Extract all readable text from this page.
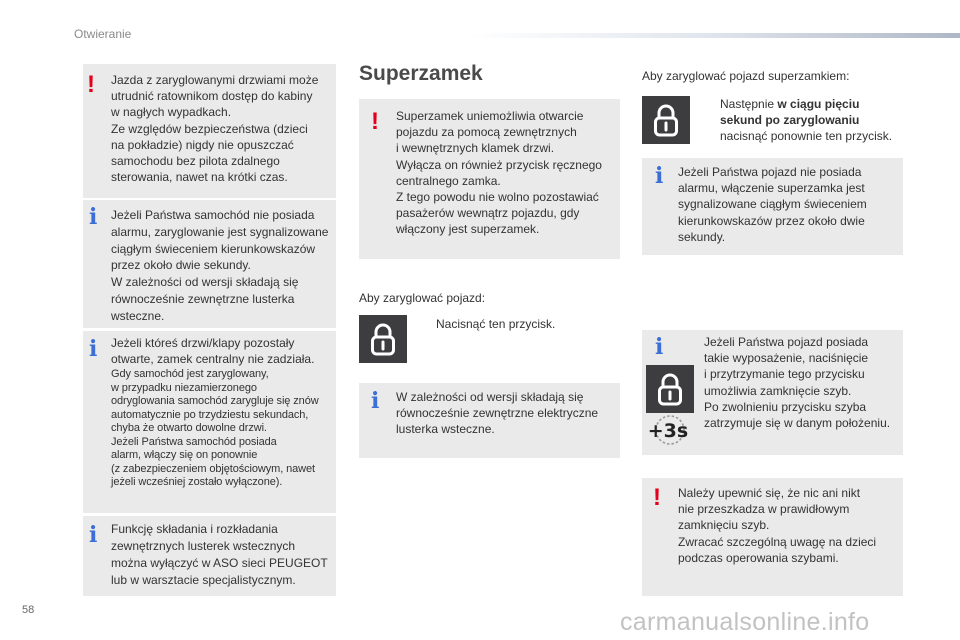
Otwieranie
! Jazda z zaryglowanymi drzwiami może
utrudnić ratownikom dostęp do kabiny
w nagłych wypadkach.
Ze względów bezpieczeństwa (dzieci
na pokładzie) nigdy nie opuszczać
samochodu bez pilota zdalnego
sterowania, nawet na krótki czas.
i Jeżeli Państwa samochód nie posiada
alarmu, zaryglowanie jest sygnalizowane
ciągłym świeceniem kierunkowskazów
przez około dwie sekundy.
W zależności od wersji składają się
równocześnie zewnętrzne lusterka
wsteczne.
i Jeżeli któreś drzwi/klapy pozostały
otwarte, zamek centralny nie zadziała.
Gdy samochód jest zaryglowany,
w przypadku niezamierzonego
odryglowania samochód zarygluje się znów
automatycznie po trzydziestu sekundach,
chyba że otwarto dowolne drzwi.
Jeżeli Państwa samochód posiada
alarm, włączy się on ponownie
(z zabezpieczeniem objętościowym, nawet
jeżeli wcześniej zostało wyłączone).
i Funkcję składania i rozkładania
zewnętrznych lusterek wstecznych
można wyłączyć w ASO sieci PEUGEOT
lub w warsztacie specjalistycznym.
Superzamek
! Superzamek uniemożliwia otwarcie
pojazdu za pomocą zewnętrznych
i wewnętrznych klamek drzwi.
Wyłącza on również przycisk ręcznego
centralnego zamka.
Z tego powodu nie wolno pozostawiać
pasażerów wewnątrz pojazdu, gdy
włączony jest superzamek.
Aby zaryglować pojazd:
Nacisnąć ten przycisk.
i W zależności od wersji składają się
równocześnie zewnętrzne elektryczne
lusterka wsteczne.
Aby zaryglować pojazd superzamkiem:
Następnie w ciągu pięciu
sekund po zaryglowaniu
nacisnąć ponownie ten przycisk.
i Jeżeli Państwa pojazd nie posiada
alarmu, włączenie superzamka jest
sygnalizowane ciągłym świeceniem
kierunkowskazów przez około dwie
sekundy.
i
+3s
Jeżeli Państwa pojazd posiada
takie wyposażenie, naciśnięcie
i przytrzymanie tego przycisku
umożliwia zamknięcie szyb.
Po zwolnieniu przycisku szyba
zatrzymuje się w danym położeniu.
! Należy upewnić się, że nic ani nikt
nie przeszkadza w prawidłowym
zamknięciu szyb.
Zwracać szczególną uwagę na dzieci
podczas operowania szybami.
58	carmanualsonline.info
